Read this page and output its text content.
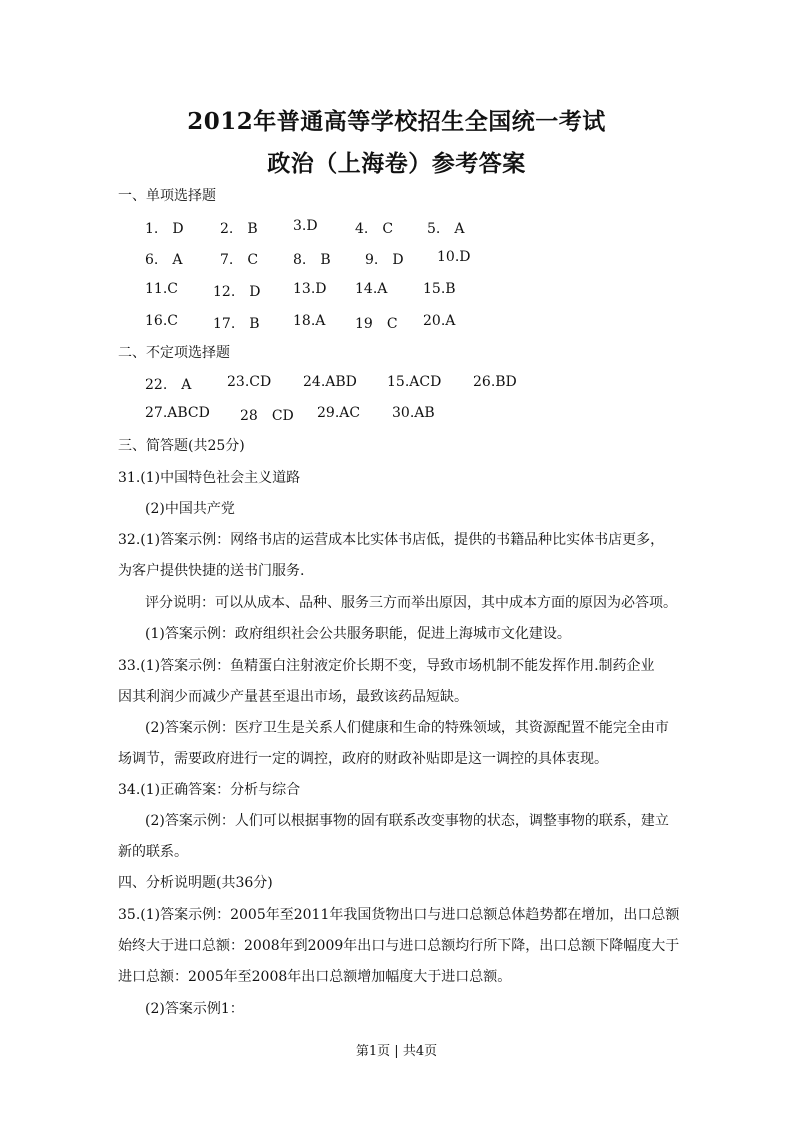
2012年普通高等学校招生全国统一考试
政治（上海卷）参考答案
一、单项选择题
1.　D	2.　B	3.D	4.　C 5.　A
6.　A	7.　C 8.　B 9.　D 10.D
11.C	12.　D 13.D 14.A	15.B
16.C	17.　B 18.A 19　C 20.A
二、不定项选择题
22.　A	23.CD 24.ABD 15.ACD 26.BD
27.ABCD 28　CD 29.AC 30.AB
三、简答题(共25分)
31.(1)中国特色社会主义道路
(2)中国共产党
32.(1)答案示例：网络书店的运营成本比实体书店低，提供的书籍品种比实体书店更多，
为客户提供快捷的送书门服务.
评分说明：可以从成本、品种、服务三方而举出原因，其中成本方面的原因为必答项。
(1)答案示例：政府组织社会公共服务职能，促进上海城市文化建设。
33.(1)答案示例：鱼精蛋白注射液定价长期不变，导致市场机制不能发挥作用.制药企业
因其利润少而减少产量甚至退出市场，最致该药品短缺。
(2)答案示例：医疗卫生是关系人们健康和生命的特殊领域，其资源配置不能完全由市
场调节，需要政府进行一定的调控，政府的财政补贴即是这一调控的具体衷现。
34.(1)正确答案：分析与综合
(2)答案示例：人们可以根据事物的固有联系改变事物的状态，调整事物的联系，建立
新的联系。
四、分析说明题(共36分)
35.(1)答案示例：2005年至2011年我国货物出口与进口总额总体趋势都在增加，出口总额
始终大于进口总额：2008年到2009年出口与进口总额均行所下降，出口总额下降幅度大于
进口总额：2005年至2008年出口总额增加幅度大于进口总额。
(2)答案示例1：
第1页 | 共4页
